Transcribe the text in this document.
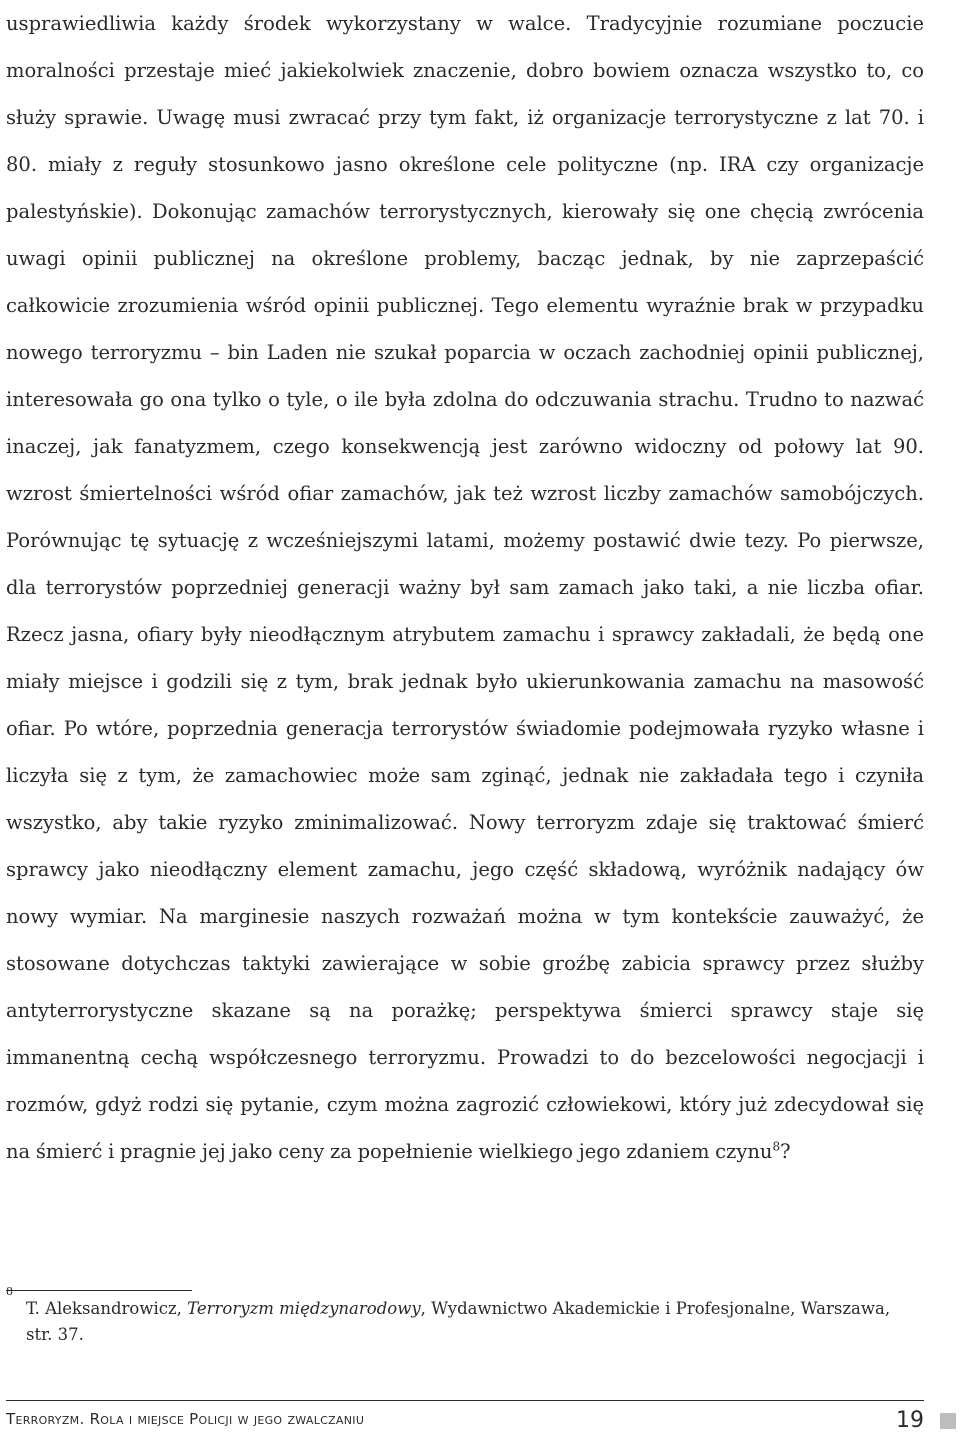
usprawiedliwia każdy środek wykorzystany w walce. Tradycyjnie rozumiane poczucie moralności przestaje mieć jakiekolwiek znaczenie, dobro bowiem oznacza wszystko to, co służy sprawie. Uwagę musi zwracać przy tym fakt, iż organizacje terrorystyczne z lat 70. i 80. miały z reguły stosunkowo jasno określone cele polityczne (np. IRA czy organizacje palestyńskie). Dokonując zamachów terrorystycznych, kierowały się one chęcią zwrócenia uwagi opinii publicznej na określone problemy, bacząc jednak, by nie zaprzepaścić całkowicie zrozumienia wśród opinii publicznej. Tego elementu wyraźnie brak w przypadku nowego terroryzmu – bin Laden nie szukał poparcia w oczach zachodniej opinii publicznej, interesowała go ona tylko o tyle, o ile była zdolna do odczuwania strachu. Trudno to nazwać inaczej, jak fanatyzmem, czego konsekwencją jest zarówno widoczny od połowy lat 90. wzrost śmiertelności wśród ofiar zamachów, jak też wzrost liczby zamachów samobójczych. Porównując tę sytuację z wcześniejszymi latami, możemy postawić dwie tezy. Po pierwsze, dla terrorystów poprzedniej generacji ważny był sam zamach jako taki, a nie liczba ofiar. Rzecz jasna, ofiary były nieodłącznym atrybutem zamachu i sprawcy zakładali, że będą one miały miejsce i godzili się z tym, brak jednak było ukierunkowania zamachu na masowość ofiar. Po wtóre, poprzednia generacja terrorystów świadomie podejmowała ryzyko własne i liczyła się z tym, że zamachowiec może sam zginąć, jednak nie zakładała tego i czyniła wszystko, aby takie ryzyko zminimalizować. Nowy terroryzm zdaje się traktować śmierć sprawcy jako nieodłączny element zamachu, jego część składową, wyróżnik nadający ów nowy wymiar. Na marginesie naszych rozważań można w tym kontekście zauważyć, że stosowane dotychczas taktyki zawierające w sobie groźbę zabicia sprawcy przez służby antyterrorystyczne skazane są na porażkę; perspektywa śmierci sprawcy staje się immanentną cechą współczesnego terroryzmu. Prowadzi to do bezcelowości negocjacji i rozmów, gdyż rodzi się pytanie, czym można zagrozić człowiekowi, który już zdecydował się na śmierć i pragnie jej jako ceny za popełnienie wielkiego jego zdaniem czynu$^8$?

8
T. Aleksandrowicz, Terroryzm międzynarodowy, Wydawnictwo Akademickie i Profesjonalne, Warszawa, str. 37.
Terroryzm. Rola i miejsce Policji w jego zwalczaniu	19
